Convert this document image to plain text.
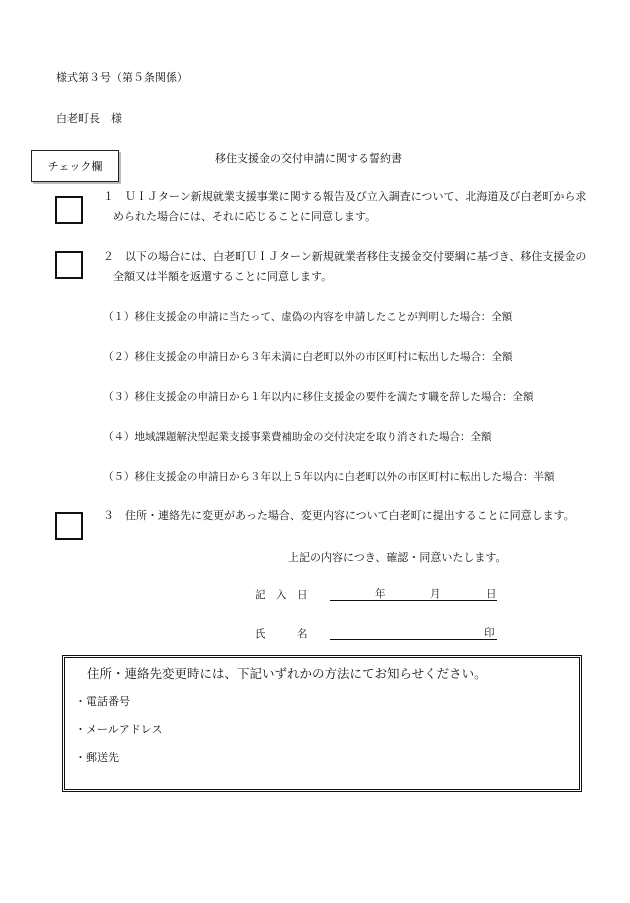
様式第３号（第５条関係）
白老町長　様
チェック欄
移住支援金の交付申請に関する誓約書
１　ＵＩＪターン新規就業支援事業に関する報告及び立入調査について、北海道及び白老町から求められた場合には、それに応じることに同意します。
２　以下の場合には、白老町ＵＩＪターン新規就業者移住支援金交付要綱に基づき、移住支援金の全額又は半額を返還することに同意します。
（１）移住支援金の申請に当たって、虚偽の内容を申請したことが判明した場合：全額
（２）移住支援金の申請日から３年未満に白老町以外の市区町村に転出した場合：全額
（３）移住支援金の申請日から１年以内に移住支援金の要件を満たす職を辞した場合：全額
（４）地域課題解決型起業支援事業費補助金の交付決定を取り消された場合：全額
（５）移住支援金の申請日から３年以上５年以内に白老町以外の市区町村に転出した場合：半額
３　住所・連絡先に変更があった場合、変更内容について白老町に提出することに同意します。
上記の内容につき、確認・同意いたします。
記　入　日	年	月	日
氏　　　名	印
住所・連絡先変更時には、下記いずれかの方法にてお知らせください。
・電話番号
・メールアドレス
・郵送先
